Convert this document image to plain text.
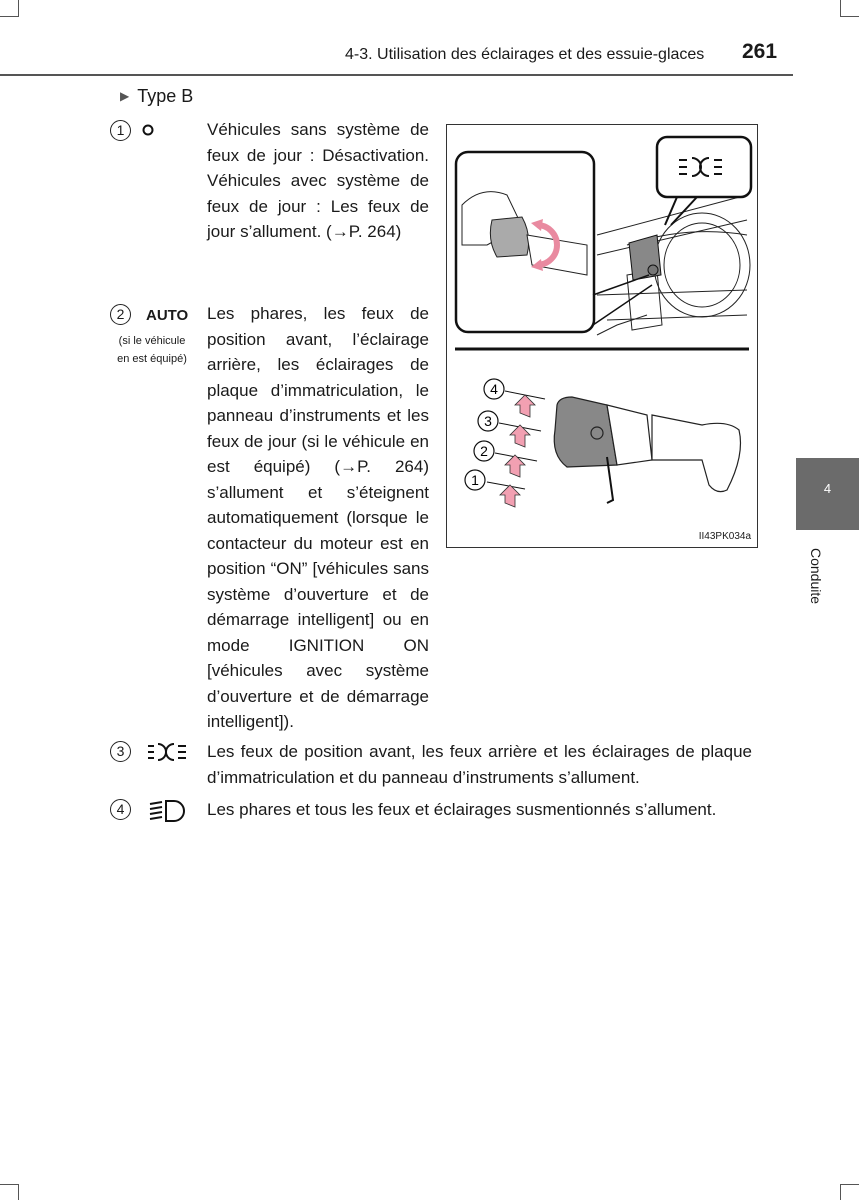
4-3. Utilisation des éclairages et des essuie-glaces 261
4
Conduite
▶ Type B
1	Véhicules sans système de feux de jour : Désactivation. Véhicules avec système de feux de jour : Les feux de jour s’allument. (→P. 264)
2	AUTO
(si le véhicule en est équipé)
Les phares, les feux de position avant, l’éclairage arrière, les éclairages de plaque d’immatriculation, le panneau d’instruments et les feux de jour (si le véhicule en est équipé) (→P. 264) s’allument et s’éteignent automatiquement (lorsque le contacteur du moteur est en position “ON” [véhicules sans système d’ouverture et de démarrage intelligent] ou en mode IGNITION ON [véhicules avec système d’ouverture et de démarrage intelligent]).
3	Les feux de position avant, les feux arrière et les éclairages de plaque d’immatriculation et du panneau d’instruments s’allument.
4	Les phares et tous les feux et éclairages susmentionnés s’allument.
4
3
2
1
II43PK034a
